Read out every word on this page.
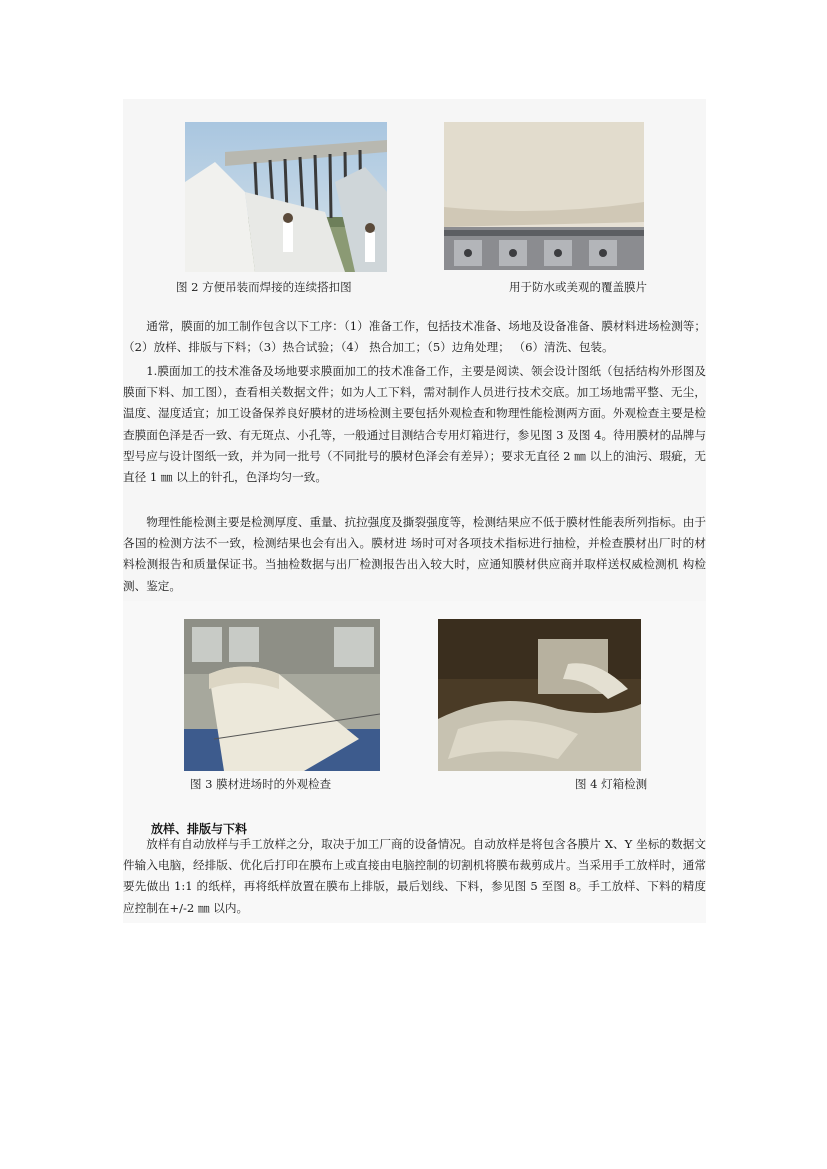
图 2 方便吊装而焊接的连续搭扣图	用于防水或美观的覆盖膜片

通常，膜面的加工制作包含以下工序：（1）准备工作，包括技术准备、场地及设备准备、膜材料进场检测等；（2）放样、排版与下料；（3）热合试验；（4） 热合加工；（5）边角处理； （6）清洗、包装。

1.膜面加工的技术准备及场地要求膜面加工的技术准备工作，主要是阅读、领会设计图纸（包括结构外形图及膜面下料、加工图），查看相关数据文件；如为人工下料，需对制作人员进行技术交底。加工场地需平整、无尘，温度、湿度适宜；加工设备保养良好膜材的进场检测主要包括外观检查和物理性能检测两方面。外观检查主要是检查膜面色泽是否一致、有无斑点、小孔等，一般通过目测结合专用灯箱进行，参见图 3 及图 4。待用膜材的品牌与型号应与设计图纸一致，并为同一批号（不同批号的膜材色泽会有差异）；要求无直径 2 ㎜ 以上的油污、瑕疵，无直径 1 ㎜ 以上的针孔，色泽均匀一致。

物理性能检测主要是检测厚度、重量、抗拉强度及撕裂强度等，检测结果应不低于膜材性能表所列指标。由于各国的检测方法不一致，检测结果也会有出入。膜材进 场时可对各项技术指标进行抽检，并检查膜材出厂时的材料检测报告和质量保证书。当抽检数据与出厂检测报告出入较大时，应通知膜材供应商并取样送权威检测机 构检测、鉴定。

图 3 膜材进场时的外观检查	图 4 灯箱检测
放样、排版与下料

放样有自动放样与手工放样之分，取决于加工厂商的设备情况。自动放样是将包含各膜片 X、Y 坐标的数据文件输入电脑，经排版、优化后打印在膜布上或直接由电脑控制的切割机将膜布裁剪成片。当采用手工放样时，通常要先做出 1:1 的纸样，再将纸样放置在膜布上排版，最后划线、下料，参见图 5 至图 8。手工放样、下料的精度应控制在+/-2 ㎜ 以内。
